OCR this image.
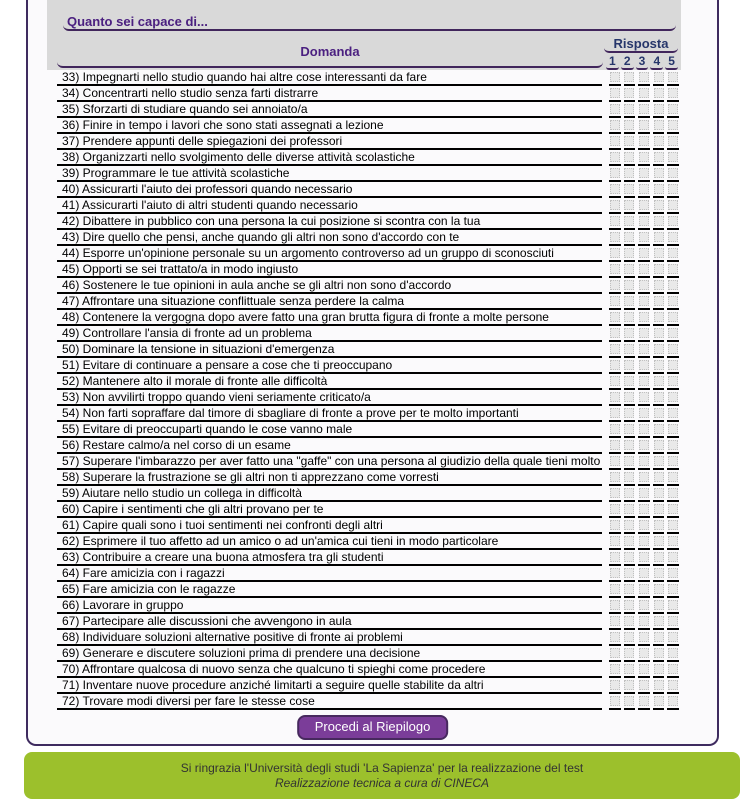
Quanto sei capace di...
Domanda	Risposta
1 2 3 4 5
33) Impegnarti nello studio quando hai altre cose interessanti da fare
34) Concentrarti nello studio senza farti distrarre
35) Sforzarti di studiare quando sei annoiato/a
36) Finire in tempo i lavori che sono stati assegnati a lezione
37) Prendere appunti delle spiegazioni dei professori
38) Organizzarti nello svolgimento delle diverse attività scolastiche
39) Programmare le tue attività scolastiche
40) Assicurarti l'aiuto dei professori quando necessario
41) Assicurarti l'aiuto di altri studenti quando necessario
42) Dibattere in pubblico con una persona la cui posizione si scontra con la tua
43) Dire quello che pensi, anche quando gli altri non sono d'accordo con te
44) Esporre un'opinione personale su un argomento controverso ad un gruppo di sconosciuti
45) Opporti se sei trattato/a in modo ingiusto
46) Sostenere le tue opinioni in aula anche se gli altri non sono d'accordo
47) Affrontare una situazione conflittuale senza perdere la calma
48) Contenere la vergogna dopo avere fatto una gran brutta figura di fronte a molte persone
49) Controllare l'ansia di fronte ad un problema
50) Dominare la tensione in situazioni d'emergenza
51) Evitare di continuare a pensare a cose che ti preoccupano
52) Mantenere alto il morale di fronte alle difficoltà
53) Non avvilirti troppo quando vieni seriamente criticato/a
54) Non farti sopraffare dal timore di sbagliare di fronte a prove per te molto importanti
55) Evitare di preoccuparti quando le cose vanno male
56) Restare calmo/a nel corso di un esame
57) Superare l'imbarazzo per aver fatto una "gaffe" con una persona al giudizio della quale tieni molto
58) Superare la frustrazione se gli altri non ti apprezzano come vorresti
59) Aiutare nello studio un collega in difficoltà
60) Capire i sentimenti che gli altri provano per te
61) Capire quali sono i tuoi sentimenti nei confronti degli altri
62) Esprimere il tuo affetto ad un amico o ad un'amica cui tieni in modo particolare
63) Contribuire a creare una buona atmosfera tra gli studenti
64) Fare amicizia con i ragazzi
65) Fare amicizia con le ragazze
66) Lavorare in gruppo
67) Partecipare alle discussioni che avvengono in aula
68) Individuare soluzioni alternative positive di fronte ai problemi
69) Generare e discutere soluzioni prima di prendere una decisione
70) Affrontare qualcosa di nuovo senza che qualcuno ti spieghi come procedere
71) Inventare nuove procedure anziché limitarti a seguire quelle stabilite da altri
72) Trovare modi diversi per fare le stesse cose
Procedi al Riepilogo
Si ringrazia l'Università degli studi 'La Sapienza' per la realizzazione del test
Realizzazione tecnica a cura di CINECA
